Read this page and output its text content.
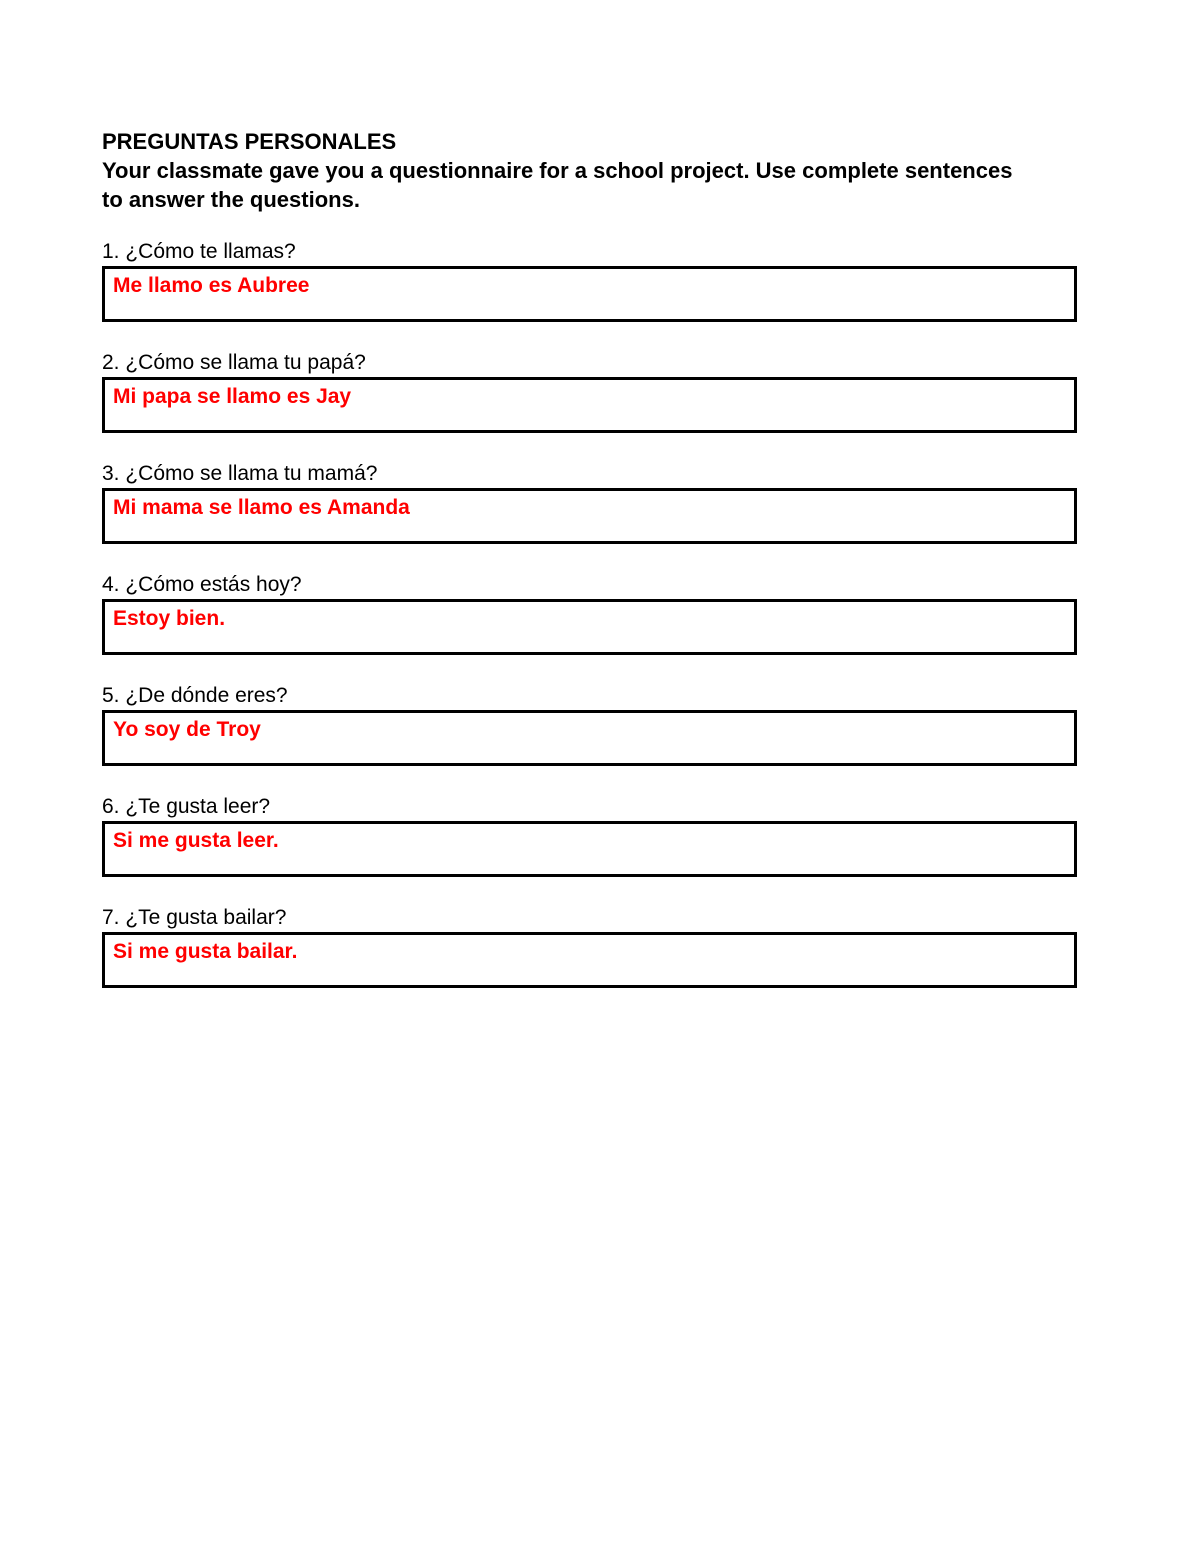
PREGUNTAS PERSONALES
Your classmate gave you a questionnaire for a school project. Use complete sentences
to answer the questions.
1. ¿Cómo te llamas?
Me llamo es Aubree
2. ¿Cómo se llama tu papá?
Mi papa se llamo es Jay
3. ¿Cómo se llama tu mamá?
Mi mama se llamo es Amanda
4. ¿Cómo estás hoy?
Estoy bien.
5. ¿De dónde eres?
Yo soy de Troy
6. ¿Te gusta leer?
Si me gusta leer.
7. ¿Te gusta bailar?
Si me gusta bailar.
